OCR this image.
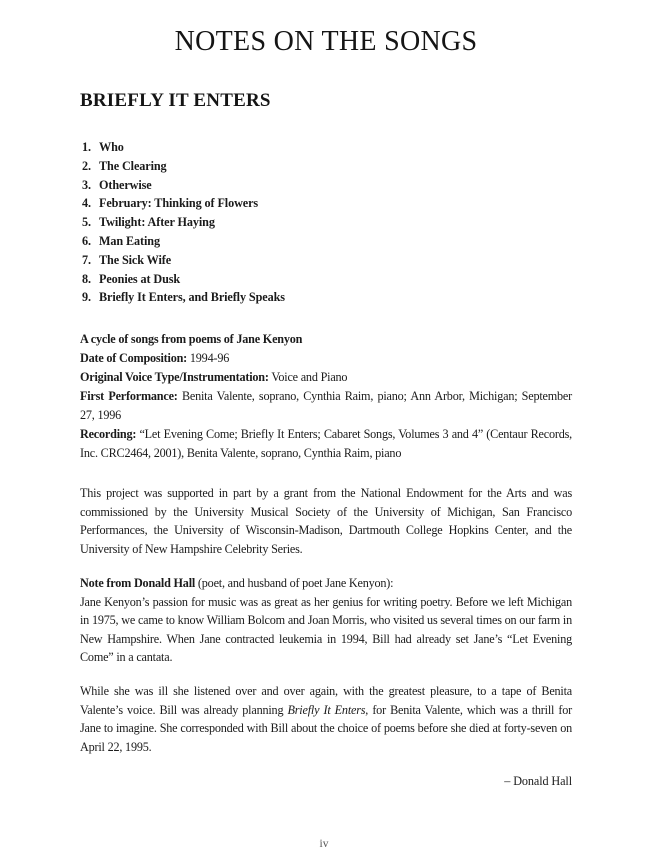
NOTES ON THE SONGS
BRIEFLY IT ENTERS
1. Who
2. The Clearing
3. Otherwise
4. February: Thinking of Flowers
5. Twilight: After Haying
6. Man Eating
7. The Sick Wife
8. Peonies at Dusk
9. Briefly It Enters, and Briefly Speaks
A cycle of songs from poems of Jane Kenyon
Date of Composition: 1994-96
Original Voice Type/Instrumentation: Voice and Piano
First Performance: Benita Valente, soprano, Cynthia Raim, piano; Ann Arbor, Michigan; September 27, 1996
Recording: “Let Evening Come; Briefly It Enters; Cabaret Songs, Volumes 3 and 4” (Centaur Records, Inc. CRC2464, 2001), Benita Valente, soprano, Cynthia Raim, piano

This project was supported in part by a grant from the National Endowment for the Arts and was commissioned by the University Musical Society of the University of Michigan, San Francisco Performances, the University of Wisconsin-Madison, Dartmouth College Hopkins Center, and the University of New Hampshire Celebrity Series.

Note from Donald Hall (poet, and husband of poet Jane Kenyon):

Jane Kenyon’s passion for music was as great as her genius for writing poetry. Before we left Michigan in 1975, we came to know William Bolcom and Joan Morris, who visited us several times on our farm in New Hampshire. When Jane contracted leukemia in 1994, Bill had already set Jane’s “Let Evening Come” in a cantata.

While she was ill she listened over and over again, with the greatest pleasure, to a tape of Benita Valente’s voice. Bill was already planning Briefly It Enters, for Benita Valente, which was a thrill for Jane to imagine. She corresponded with Bill about the choice of poems before she died at forty-seven on April 22, 1995.

– Donald Hall
iv
